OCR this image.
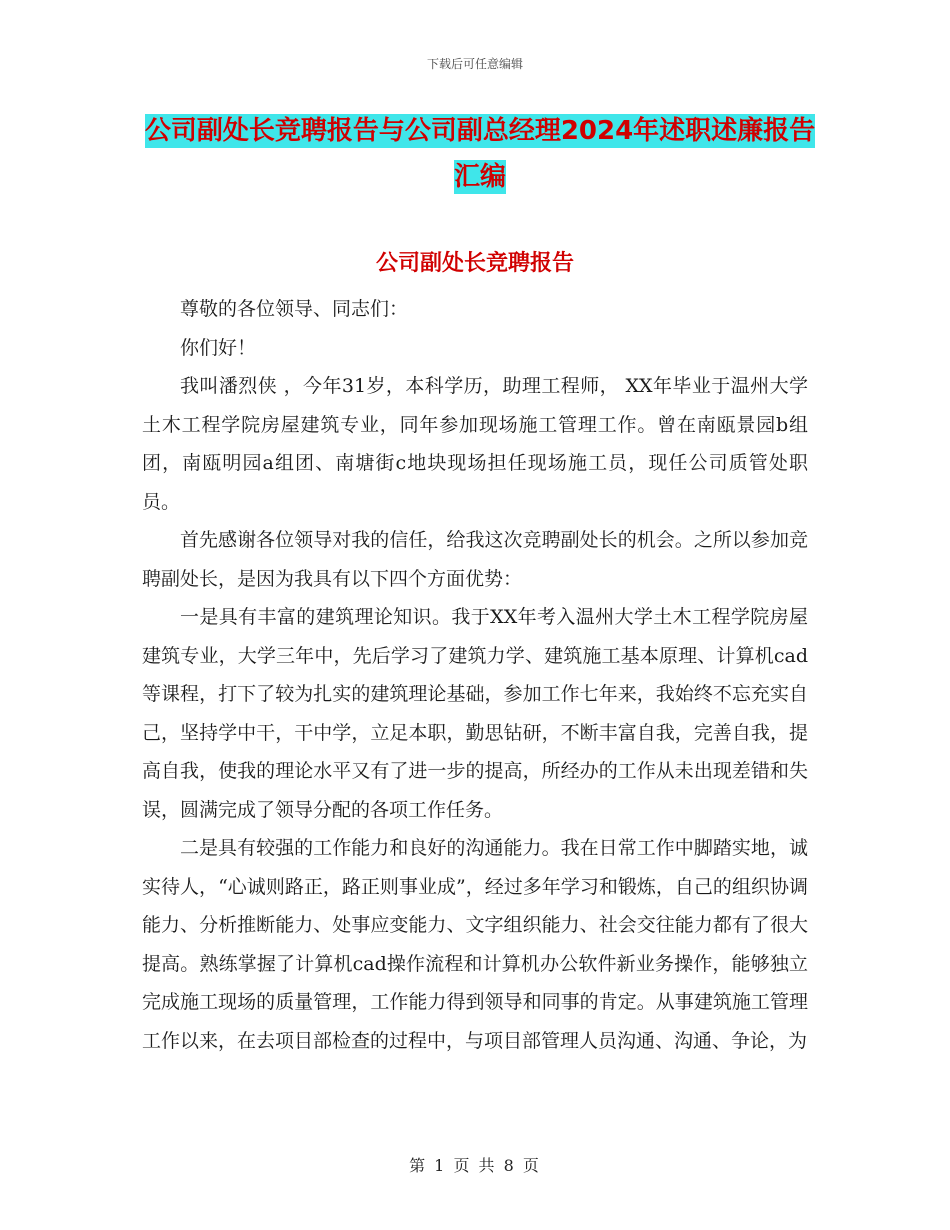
下载后可任意编辑
公司副处长竞聘报告与公司副总经理2024年述职述廉报告汇编
公司副处长竞聘报告

尊敬的各位领导、同志们：

你们好！

我叫潘烈侠 ，今年31岁，本科学历，助理工程师， XX年毕业于温州大学土木工程学院房屋建筑专业，同年参加现场施工管理工作。曾在南瓯景园b组团，南瓯明园a组团、南塘街c地块现场担任现场施工员，现任公司质管处职员。

首先感谢各位领导对我的信任，给我这次竞聘副处长的机会。之所以参加竞聘副处长，是因为我具有以下四个方面优势：

一是具有丰富的建筑理论知识。我于XX年考入温州大学土木工程学院房屋建筑专业，大学三年中，先后学习了建筑力学、建筑施工基本原理、计算机cad等课程，打下了较为扎实的建筑理论基础，参加工作七年来，我始终不忘充实自己，坚持学中干，干中学，立足本职，勤思钻研，不断丰富自我，完善自我，提高自我，使我的理论水平又有了进一步的提高，所经办的工作从未出现差错和失误，圆满完成了领导分配的各项工作任务。

二是具有较强的工作能力和良好的沟通能力。我在日常工作中脚踏实地，诚实待人，“心诚则路正，路正则事业成”，经过多年学习和锻炼，自己的组织协调能力、分析推断能力、处事应变能力、文字组织能力、社会交往能力都有了很大提高。熟练掌握了计算机cad操作流程和计算机办公软件新业务操作，能够独立完成施工现场的质量管理，工作能力得到领导和同事的肯定。从事建筑施工管理工作以来，在去项目部检查的过程中，与项目部管理人员沟通、沟通、争论，为

第 1 页 共 8 页
